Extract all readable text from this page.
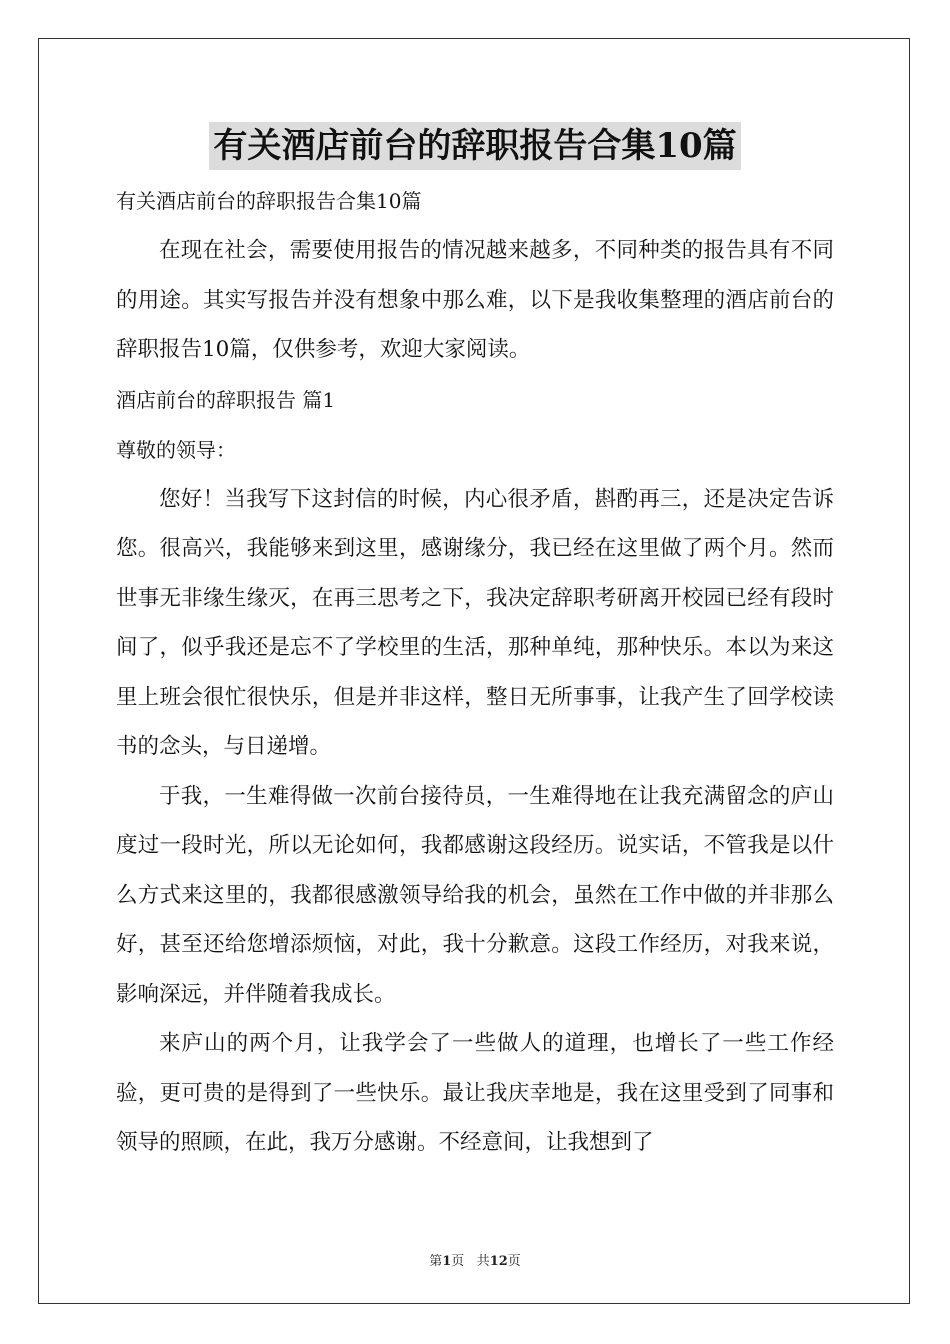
有关酒店前台的辞职报告合集10篇
有关酒店前台的辞职报告合集10篇

在现在社会，需要使用报告的情况越来越多，不同种类的报告具有不同的用途。其实写报告并没有想象中那么难，以下是我收集整理的酒店前台的辞职报告10篇，仅供参考，欢迎大家阅读。

酒店前台的辞职报告 篇1
尊敬的领导：

您好！当我写下这封信的时候，内心很矛盾，斟酌再三，还是决定告诉您。很高兴，我能够来到这里，感谢缘分，我已经在这里做了两个月。然而世事无非缘生缘灭，在再三思考之下，我决定辞职考研离开校园已经有段时间了，似乎我还是忘不了学校里的生活，那种单纯，那种快乐。本以为来这里上班会很忙很快乐，但是并非这样，整日无所事事，让我产生了回学校读书的念头，与日递增。

于我，一生难得做一次前台接待员，一生难得地在让我充满留念的庐山度过一段时光，所以无论如何，我都感谢这段经历。说实话，不管我是以什么方式来这里的，我都很感激领导给我的机会，虽然在工作中做的并非那么好，甚至还给您增添烦恼，对此，我十分歉意。这段工作经历，对我来说，影响深远，并伴随着我成长。

来庐山的两个月，让我学会了一些做人的道理，也增长了一些工作经验，更可贵的是得到了一些快乐。最让我庆幸地是，我在这里受到了同事和领导的照顾，在此，我万分感谢。不经意间，让我想到了

第1页 共12页
